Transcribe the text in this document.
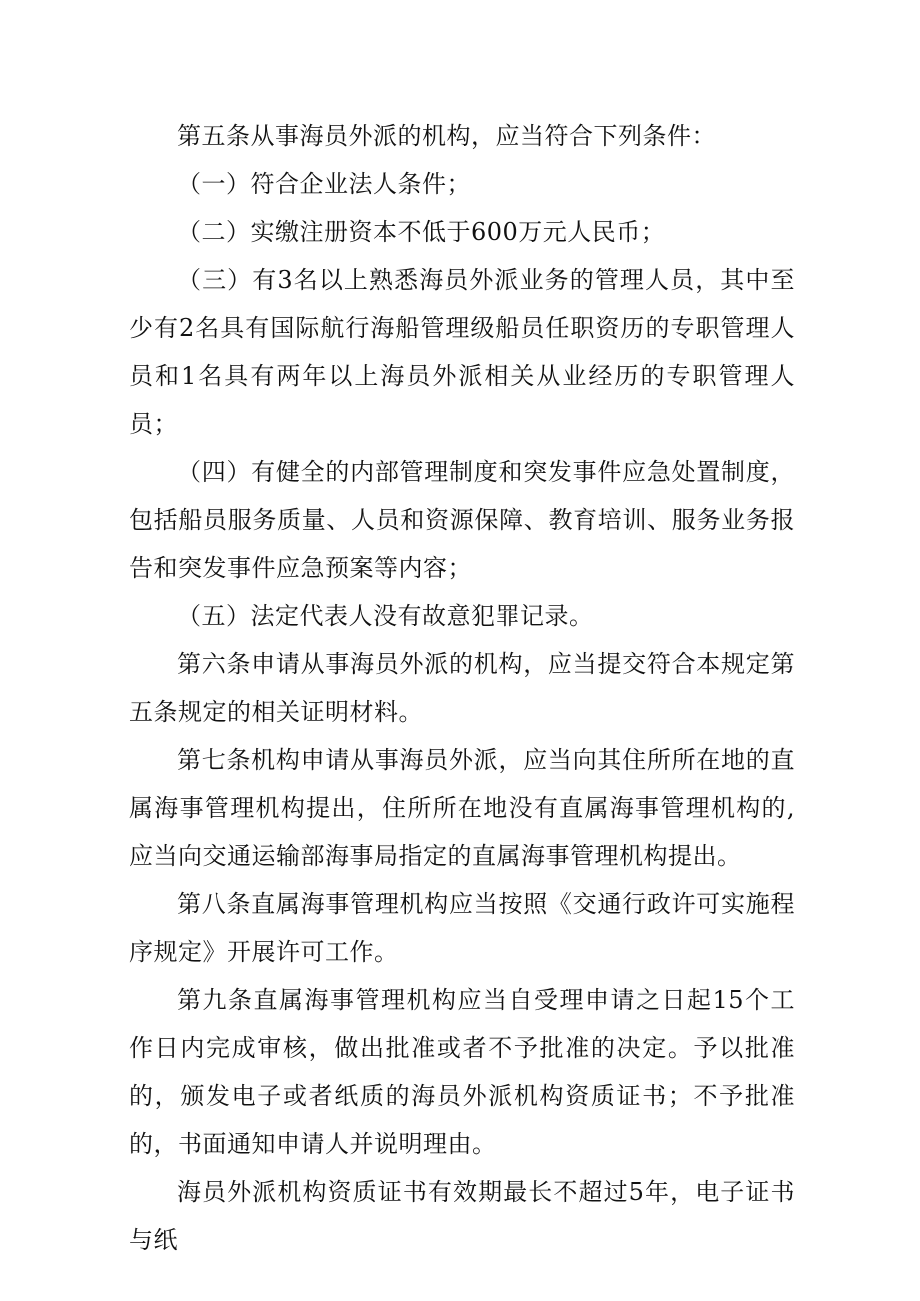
第五条从事海员外派的机构，应当符合下列条件：

（一）符合企业法人条件；

（二）实缴注册资本不低于600万元人民币；

（三）有3名以上熟悉海员外派业务的管理人员，其中至少有2名具有国际航行海船管理级船员任职资历的专职管理人员和1名具有两年以上海员外派相关从业经历的专职管理人员；

（四）有健全的内部管理制度和突发事件应急处置制度，包括船员服务质量、人员和资源保障、教育培训、服务业务报告和突发事件应急预案等内容；

（五）法定代表人没有故意犯罪记录。

第六条申请从事海员外派的机构，应当提交符合本规定第五条规定的相关证明材料。

第七条机构申请从事海员外派，应当向其住所所在地的直属海事管理机构提出，住所所在地没有直属海事管理机构的,应当向交通运输部海事局指定的直属海事管理机构提出。

第八条直属海事管理机构应当按照《交通行政许可实施程序规定》开展许可工作。

第九条直属海事管理机构应当自受理申请之日起15个工作日内完成审核，做出批准或者不予批准的决定。予以批准的，颁发电子或者纸质的海员外派机构资质证书；不予批准的，书面通知申请人并说明理由。

海员外派机构资质证书有效期最长不超过5年，电子证书与纸
